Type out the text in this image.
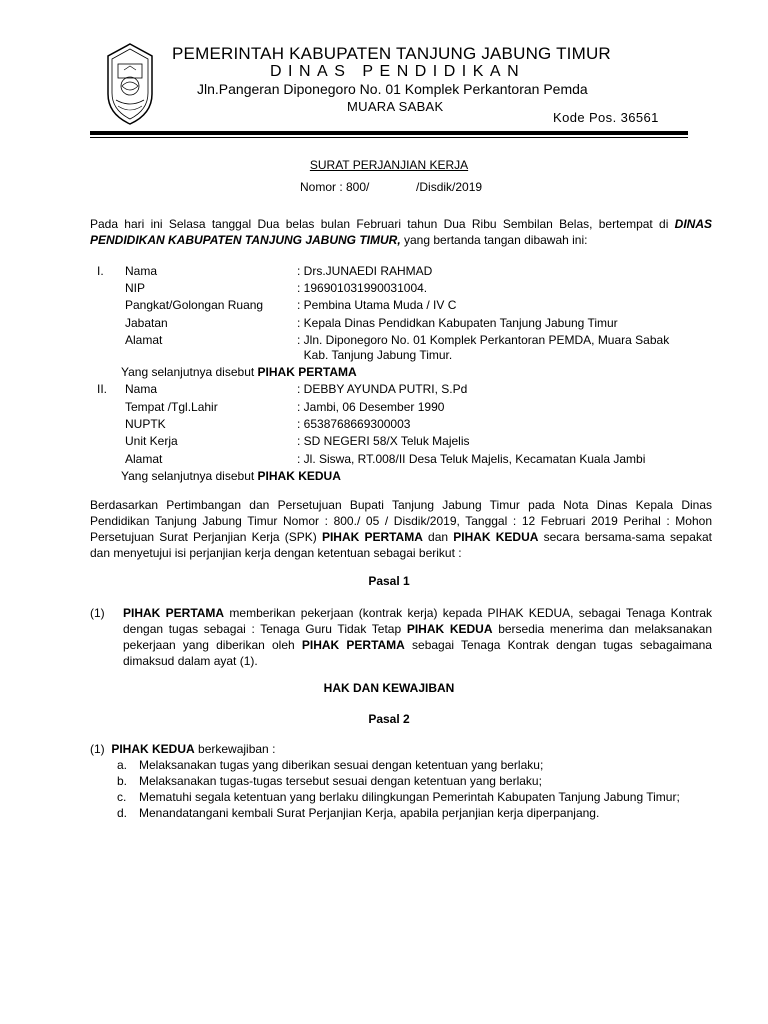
PEMERINTAH KABUPATEN TANJUNG JABUNG TIMUR
DINAS PENDIDIKAN
Jln.Pangeran Diponegoro No. 01 Komplek Perkantoran Pemda
MUARA SABAK
Kode Pos. 36561
SURAT PERJANJIAN KERJA
Nomor : 800/              /Disdik/2019
Pada hari ini Selasa tanggal Dua belas bulan Februari tahun Dua Ribu Sembilan Belas, bertempat di DINAS PENDIDIKAN KABUPATEN TANJUNG JABUNG TIMUR, yang bertanda tangan dibawah ini:
I. Nama	: Drs.JUNAEDI RAHMAD
NIP	: 196901031990031004.
Pangkat/Golongan Ruang	: Pembina Utama Muda / IV C
Jabatan	: Kepala Dinas Pendidkan Kabupaten Tanjung Jabung Timur
Alamat	: Jln. Diponegoro No. 01 Komplek Perkantoran PEMDA, Muara Sabak
Kab. Tanjung Jabung Timur.
Yang selanjutnya disebut PIHAK PERTAMA
II. Nama	: DEBBY AYUNDA PUTRI, S.Pd
Tempat /Tgl.Lahir	: Jambi, 06 Desember 1990
NUPTK	: 6538768669300003
Unit Kerja	: SD NEGERI 58/X Teluk Majelis
Alamat	: Jl. Siswa, RT.008/II Desa Teluk Majelis, Kecamatan Kuala Jambi
Yang selanjutnya disebut PIHAK KEDUA
Berdasarkan Pertimbangan dan Persetujuan Bupati Tanjung Jabung Timur pada Nota Dinas Kepala Dinas Pendidikan Tanjung Jabung Timur Nomor : 800./ 05 / Disdik/2019, Tanggal : 12 Februari 2019 Perihal : Mohon Persetujuan Surat Perjanjian Kerja (SPK) PIHAK PERTAMA dan PIHAK KEDUA secara bersama-sama sepakat dan menyetujui isi perjanjian kerja dengan ketentuan sebagai berikut :
Pasal 1
(1) PIHAK PERTAMA memberikan pekerjaan (kontrak kerja) kepada PIHAK KEDUA, sebagai Tenaga Kontrak dengan tugas sebagai : Tenaga Guru Tidak Tetap PIHAK KEDUA bersedia menerima dan melaksanakan pekerjaan yang diberikan oleh PIHAK PERTAMA sebagai Tenaga Kontrak dengan tugas sebagaimana dimaksud dalam ayat (1).
HAK DAN KEWAJIBAN
Pasal 2
(1) PIHAK KEDUA berkewajiban :
a. Melaksanakan tugas yang diberikan sesuai dengan ketentuan yang berlaku;
b. Melaksanakan tugas-tugas tersebut sesuai dengan ketentuan yang berlaku;
c. Mematuhi segala ketentuan yang berlaku dilingkungan Pemerintah Kabupaten Tanjung Jabung Timur;
d. Menandatangani kembali Surat Perjanjian Kerja, apabila perjanjian kerja diperpanjang.
